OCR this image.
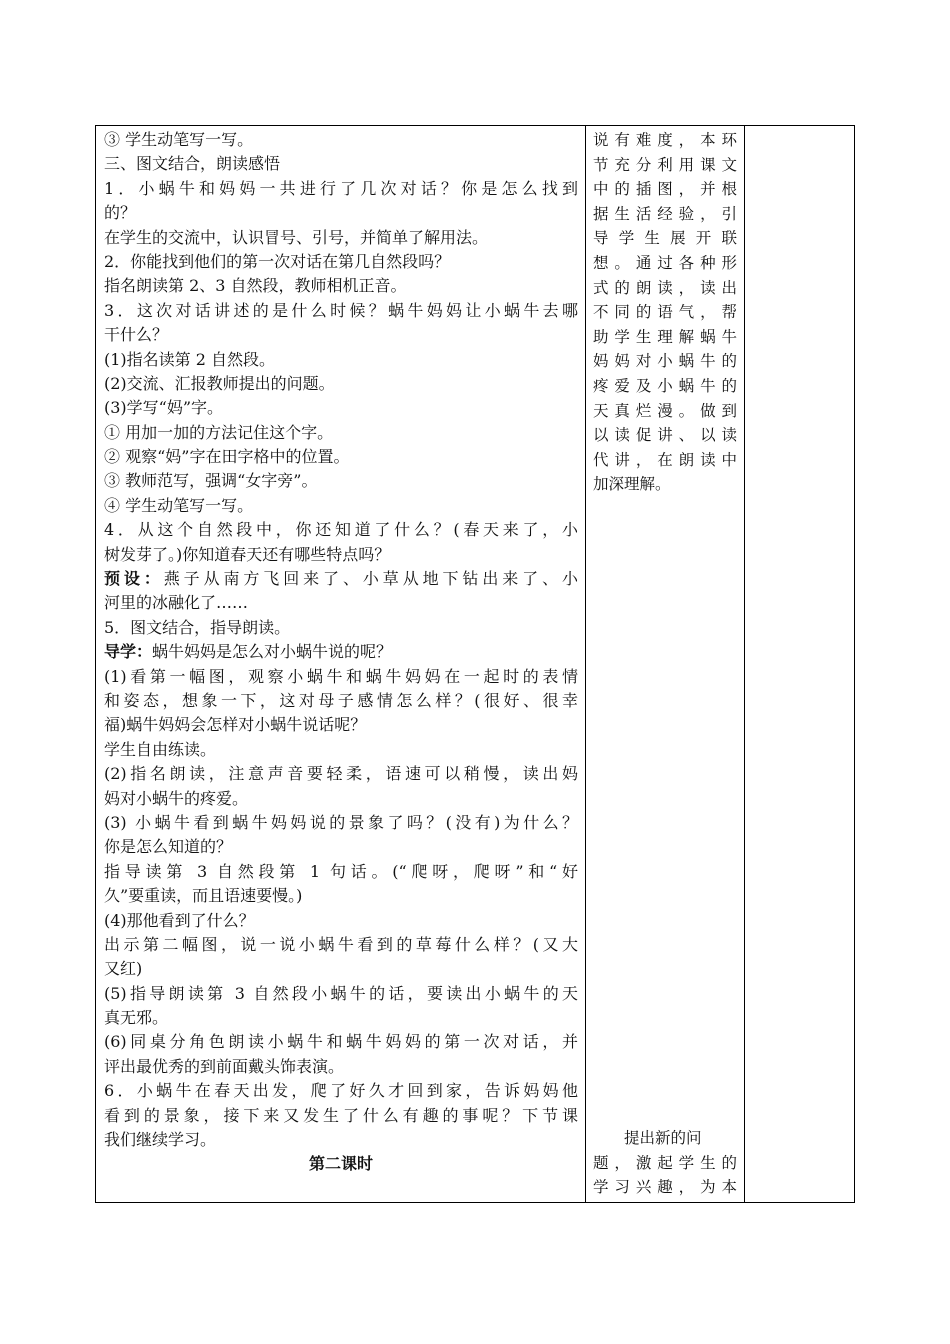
③ 学生动笔写一写。
三、图文结合，朗读感悟
1．小蜗牛和妈妈一共进行了几次对话？你是怎么找到
的？
在学生的交流中，认识冒号、引号，并简单了解用法。
2．你能找到他们的第一次对话在第几自然段吗？
指名朗读第 2、3 自然段，教师相机正音。
3．这次对话讲述的是什么时候？蜗牛妈妈让小蜗牛去哪
干什么？
(1)指名读第 2 自然段。
(2)交流、汇报教师提出的问题。
(3)学写“妈”字。
① 用加一加的方法记住这个字。
② 观察“妈”字在田字格中的位置。
③ 教师范写，强调“女字旁”。
④ 学生动笔写一写。
4．从这个自然段中，你还知道了什么？(春天来了，小
树发芽了。)你知道春天还有哪些特点吗？
预设：燕子从南方飞回来了、小草从地下钻出来了、小
河里的冰融化了……
5．图文结合，指导朗读。
导学：蜗牛妈妈是怎么对小蜗牛说的呢？
(1)看第一幅图，观察小蜗牛和蜗牛妈妈在一起时的表情
和姿态，想象一下，这对母子感情怎么样？(很好、很幸
福)蜗牛妈妈会怎样对小蜗牛说话呢？
学生自由练读。
(2)指名朗读，注意声音要轻柔，语速可以稍慢，读出妈
妈对小蜗牛的疼爱。
(3) 小蜗牛看到蜗牛妈妈说的景象了吗？(没有)为什么？
你是怎么知道的？
指导读第 3 自然段第 1 句话。(“爬呀，爬呀”和“好
久”要重读，而且语速要慢。)
(4)那他看到了什么？
出示第二幅图，说一说小蜗牛看到的草莓什么样？(又大
又红)
(5)指导朗读第 3 自然段小蜗牛的话，要读出小蜗牛的天
真无邪。
(6)同桌分角色朗读小蜗牛和蜗牛妈妈的第一次对话，并
评出最优秀的到前面戴头饰表演。
6．小蜗牛在春天出发，爬了好久才回到家，告诉妈妈他
看到的景象，接下来又发生了什么有趣的事呢？下节课
我们继续学习。
第二课时
说有难度，本环
节充分利用课文
中的插图，并根
据生活经验，引
导学生展开联
想。通过各种形
式的朗读，读出
不同的语气，帮
助学生理解蜗牛
妈妈对小蜗牛的
疼爱及小蜗牛的
天真烂漫。做到
以读促讲、以读
代讲，在朗读中
加深理解。
　　提出新的问
题，激起学生的
学习兴趣，为本
